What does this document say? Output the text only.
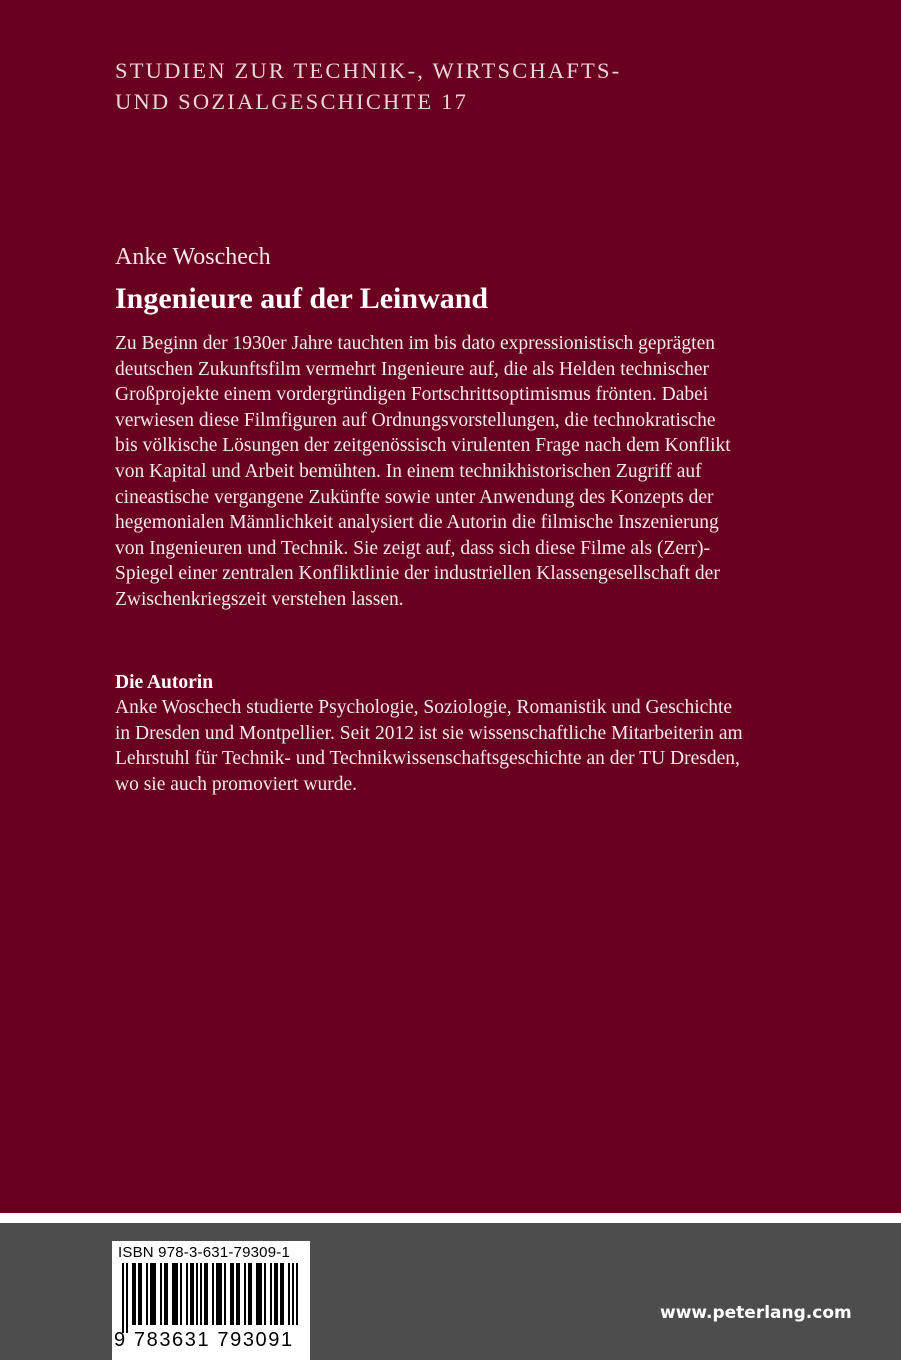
STUDIEN ZUR TECHNIK-, WIRTSCHAFTS-
UND SOZIALGESCHICHTE 17
Anke Woschech
Ingenieure auf der Leinwand
Zu Beginn der 1930er Jahre tauchten im bis dato expressionistisch geprägten
deutschen Zukunftsfilm vermehrt Ingenieure auf, die als Helden technischer
Großprojekte einem vordergründigen Fortschrittsoptimismus frönten. Dabei
verwiesen diese Filmfiguren auf Ordnungsvorstellungen, die technokratische
bis völkische Lösungen der zeitgenössisch virulenten Frage nach dem Konflikt
von Kapital und Arbeit bemühten. In einem technikhistorischen Zugriff auf
cineastische vergangene Zukünfte sowie unter Anwendung des Konzepts der
hegemonialen Männlichkeit analysiert die Autorin die filmische Inszenierung
von Ingenieuren und Technik. Sie zeigt auf, dass sich diese Filme als (Zerr)-
Spiegel einer zentralen Konfliktlinie der industriellen Klassengesellschaft der
Zwischenkriegszeit verstehen lassen.
Die Autorin
Anke Woschech studierte Psychologie, Soziologie, Romanistik und Geschichte
in Dresden und Montpellier. Seit 2012 ist sie wissenschaftliche Mitarbeiterin am
Lehrstuhl für Technik- und Technikwissenschaftsgeschichte an der TU Dresden,
wo sie auch promoviert wurde.
www.peterlang.com
ISBN 978-3-631-79309-1
9 783631 793091
